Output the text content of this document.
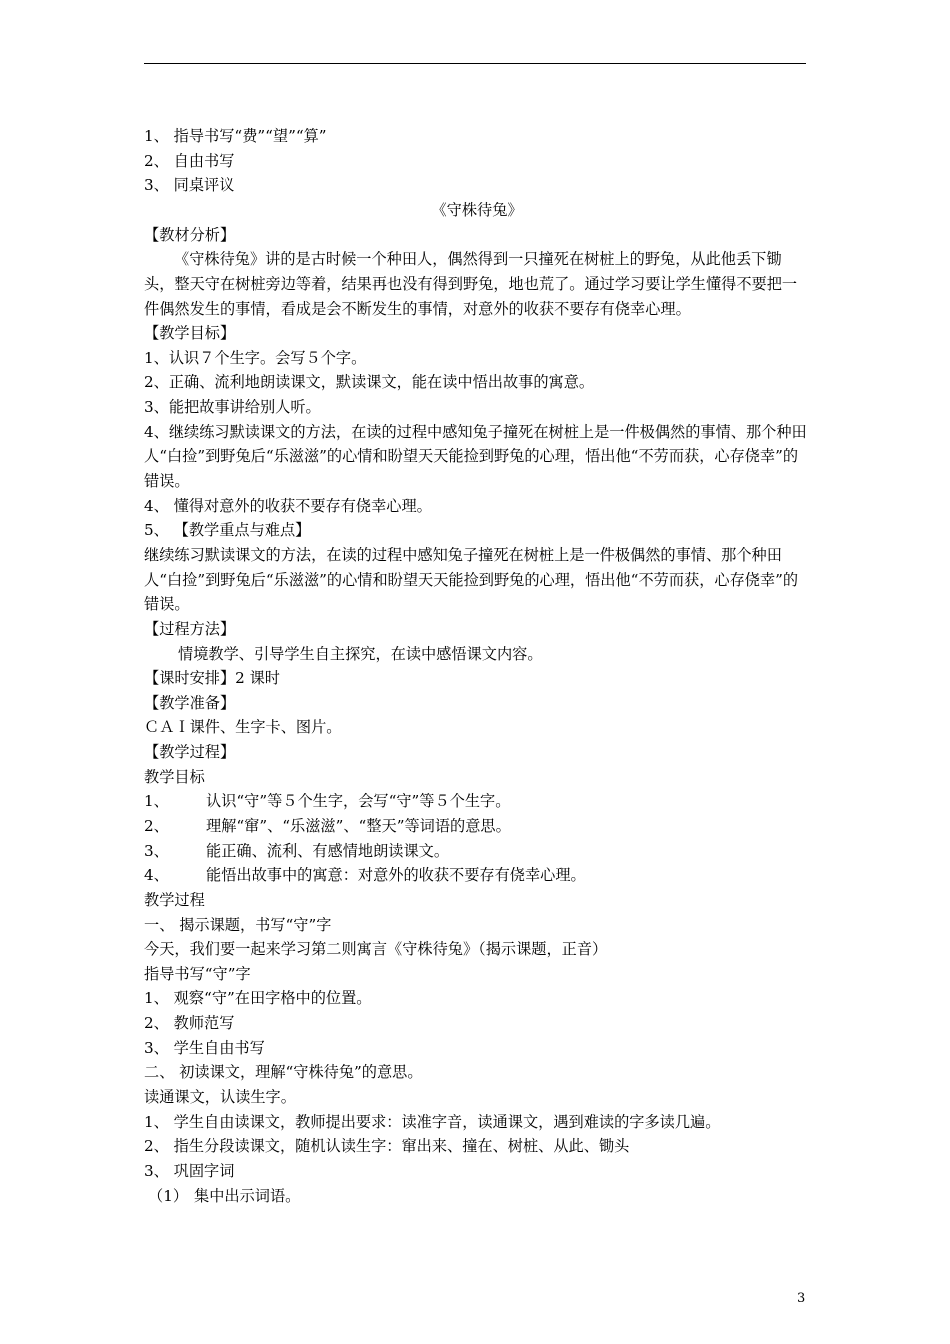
1、 指导书写“费”“望”“算”
2、 自由书写
3、 同桌评议
《守株待兔》
【教材分析】
《守株待兔》讲的是古时候一个种田人，偶然得到一只撞死在树桩上的野兔，从此他丢下锄头，整天守在树桩旁边等着，结果再也没有得到野兔，地也荒了。通过学习要让学生懂得不要把一件偶然发生的事情，看成是会不断发生的事情，对意外的收获不要存有侥幸心理。
【教学目标】
1、认识７个生字。会写５个字。
2、正确、流利地朗读课文，默读课文，能在读中悟出故事的寓意。
3、能把故事讲给别人听。
4、继续练习默读课文的方法，在读的过程中感知兔子撞死在树桩上是一件极偶然的事情、那个种田人“白捡”到野兔后“乐滋滋”的心情和盼望天天能捡到野兔的心理，悟出他“不劳而获，心存侥幸”的错误。
4、 懂得对意外的收获不要存有侥幸心理。
5、 【教学重点与难点】
继续练习默读课文的方法，在读的过程中感知兔子撞死在树桩上是一件极偶然的事情、那个种田人“白捡”到野兔后“乐滋滋”的心情和盼望天天能捡到野兔的心理，悟出他“不劳而获，心存侥幸”的错误。
【过程方法】
情境教学、引导学生自主探究，在读中感悟课文内容。
【课时安排】2 课时
【教学准备】
ＣＡＩ课件、生字卡、图片。
【教学过程】
教学目标
1、 认识“守”等５个生字，会写“守”等５个生字。
2、 理解“窜”、“乐滋滋”、“整天”等词语的意思。
3、 能正确、流利、有感情地朗读课文。
4、 能悟出故事中的寓意：对意外的收获不要存有侥幸心理。
教学过程
一、 揭示课题，书写“守”字
今天，我们要一起来学习第二则寓言《守株待兔》（揭示课题，正音）
指导书写“守”字
1、 观察“守”在田字格中的位置。
2、 教师范写
3、 学生自由书写
二、 初读课文，理解“守株待兔”的意思。
读通课文，认读生字。
1、 学生自由读课文，教师提出要求：读准字音，读通课文，遇到难读的字多读几遍。
2、 指生分段读课文，随机认读生字：窜出来、撞在、树桩、从此、锄头
3、 巩固字词
（1） 集中出示词语。
3
